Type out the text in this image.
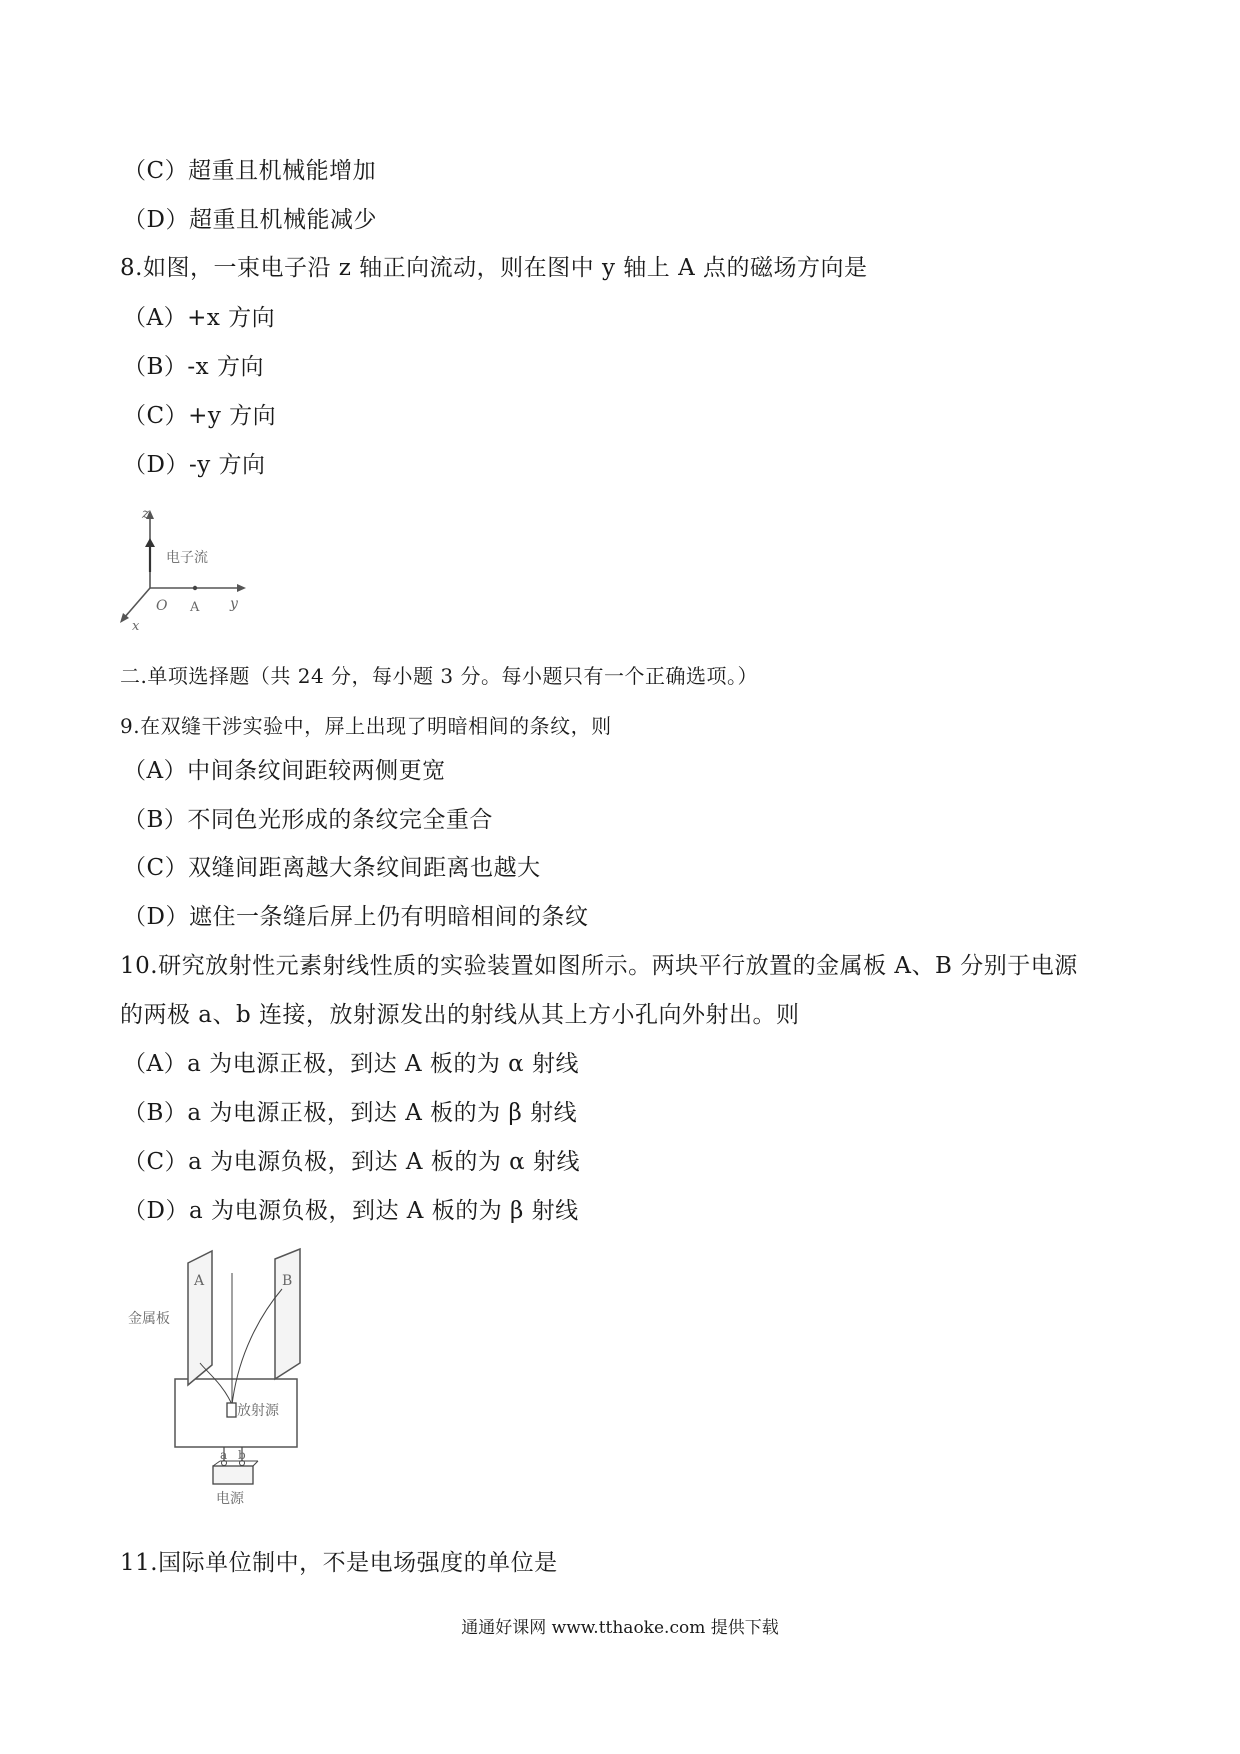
（C）超重且机械能增加
（D）超重且机械能减少
8.如图，一束电子沿 z 轴正向流动，则在图中 y 轴上 A 点的磁场方向是
（A）+x 方向
（B）-x 方向
（C）+y 方向
（D）-y 方向
z
电子流
O A y
x
二.单项选择题（共 24 分，每小题 3 分。每小题只有一个正确选项。）
9.在双缝干涉实验中，屏上出现了明暗相间的条纹，则
（A）中间条纹间距较两侧更宽
（B）不同色光形成的条纹完全重合
（C）双缝间距离越大条纹间距离也越大
（D）遮住一条缝后屏上仍有明暗相间的条纹
10.研究放射性元素射线性质的实验装置如图所示。两块平行放置的金属板 A、B 分别于电源
的两极 a、b 连接，放射源发出的射线从其上方小孔向外射出。则
（A）a 为电源正极，到达 A 板的为 α 射线
（B）a 为电源正极，到达 A 板的为 β 射线
（C）a 为电源负极，到达 A 板的为 α 射线
（D）a 为电源负极，到达 A 板的为 β 射线
A	B
金属板
放射源
a b
电源
11.国际单位制中，不是电场强度的单位是
通通好课网 www.tthaoke.com 提供下载
